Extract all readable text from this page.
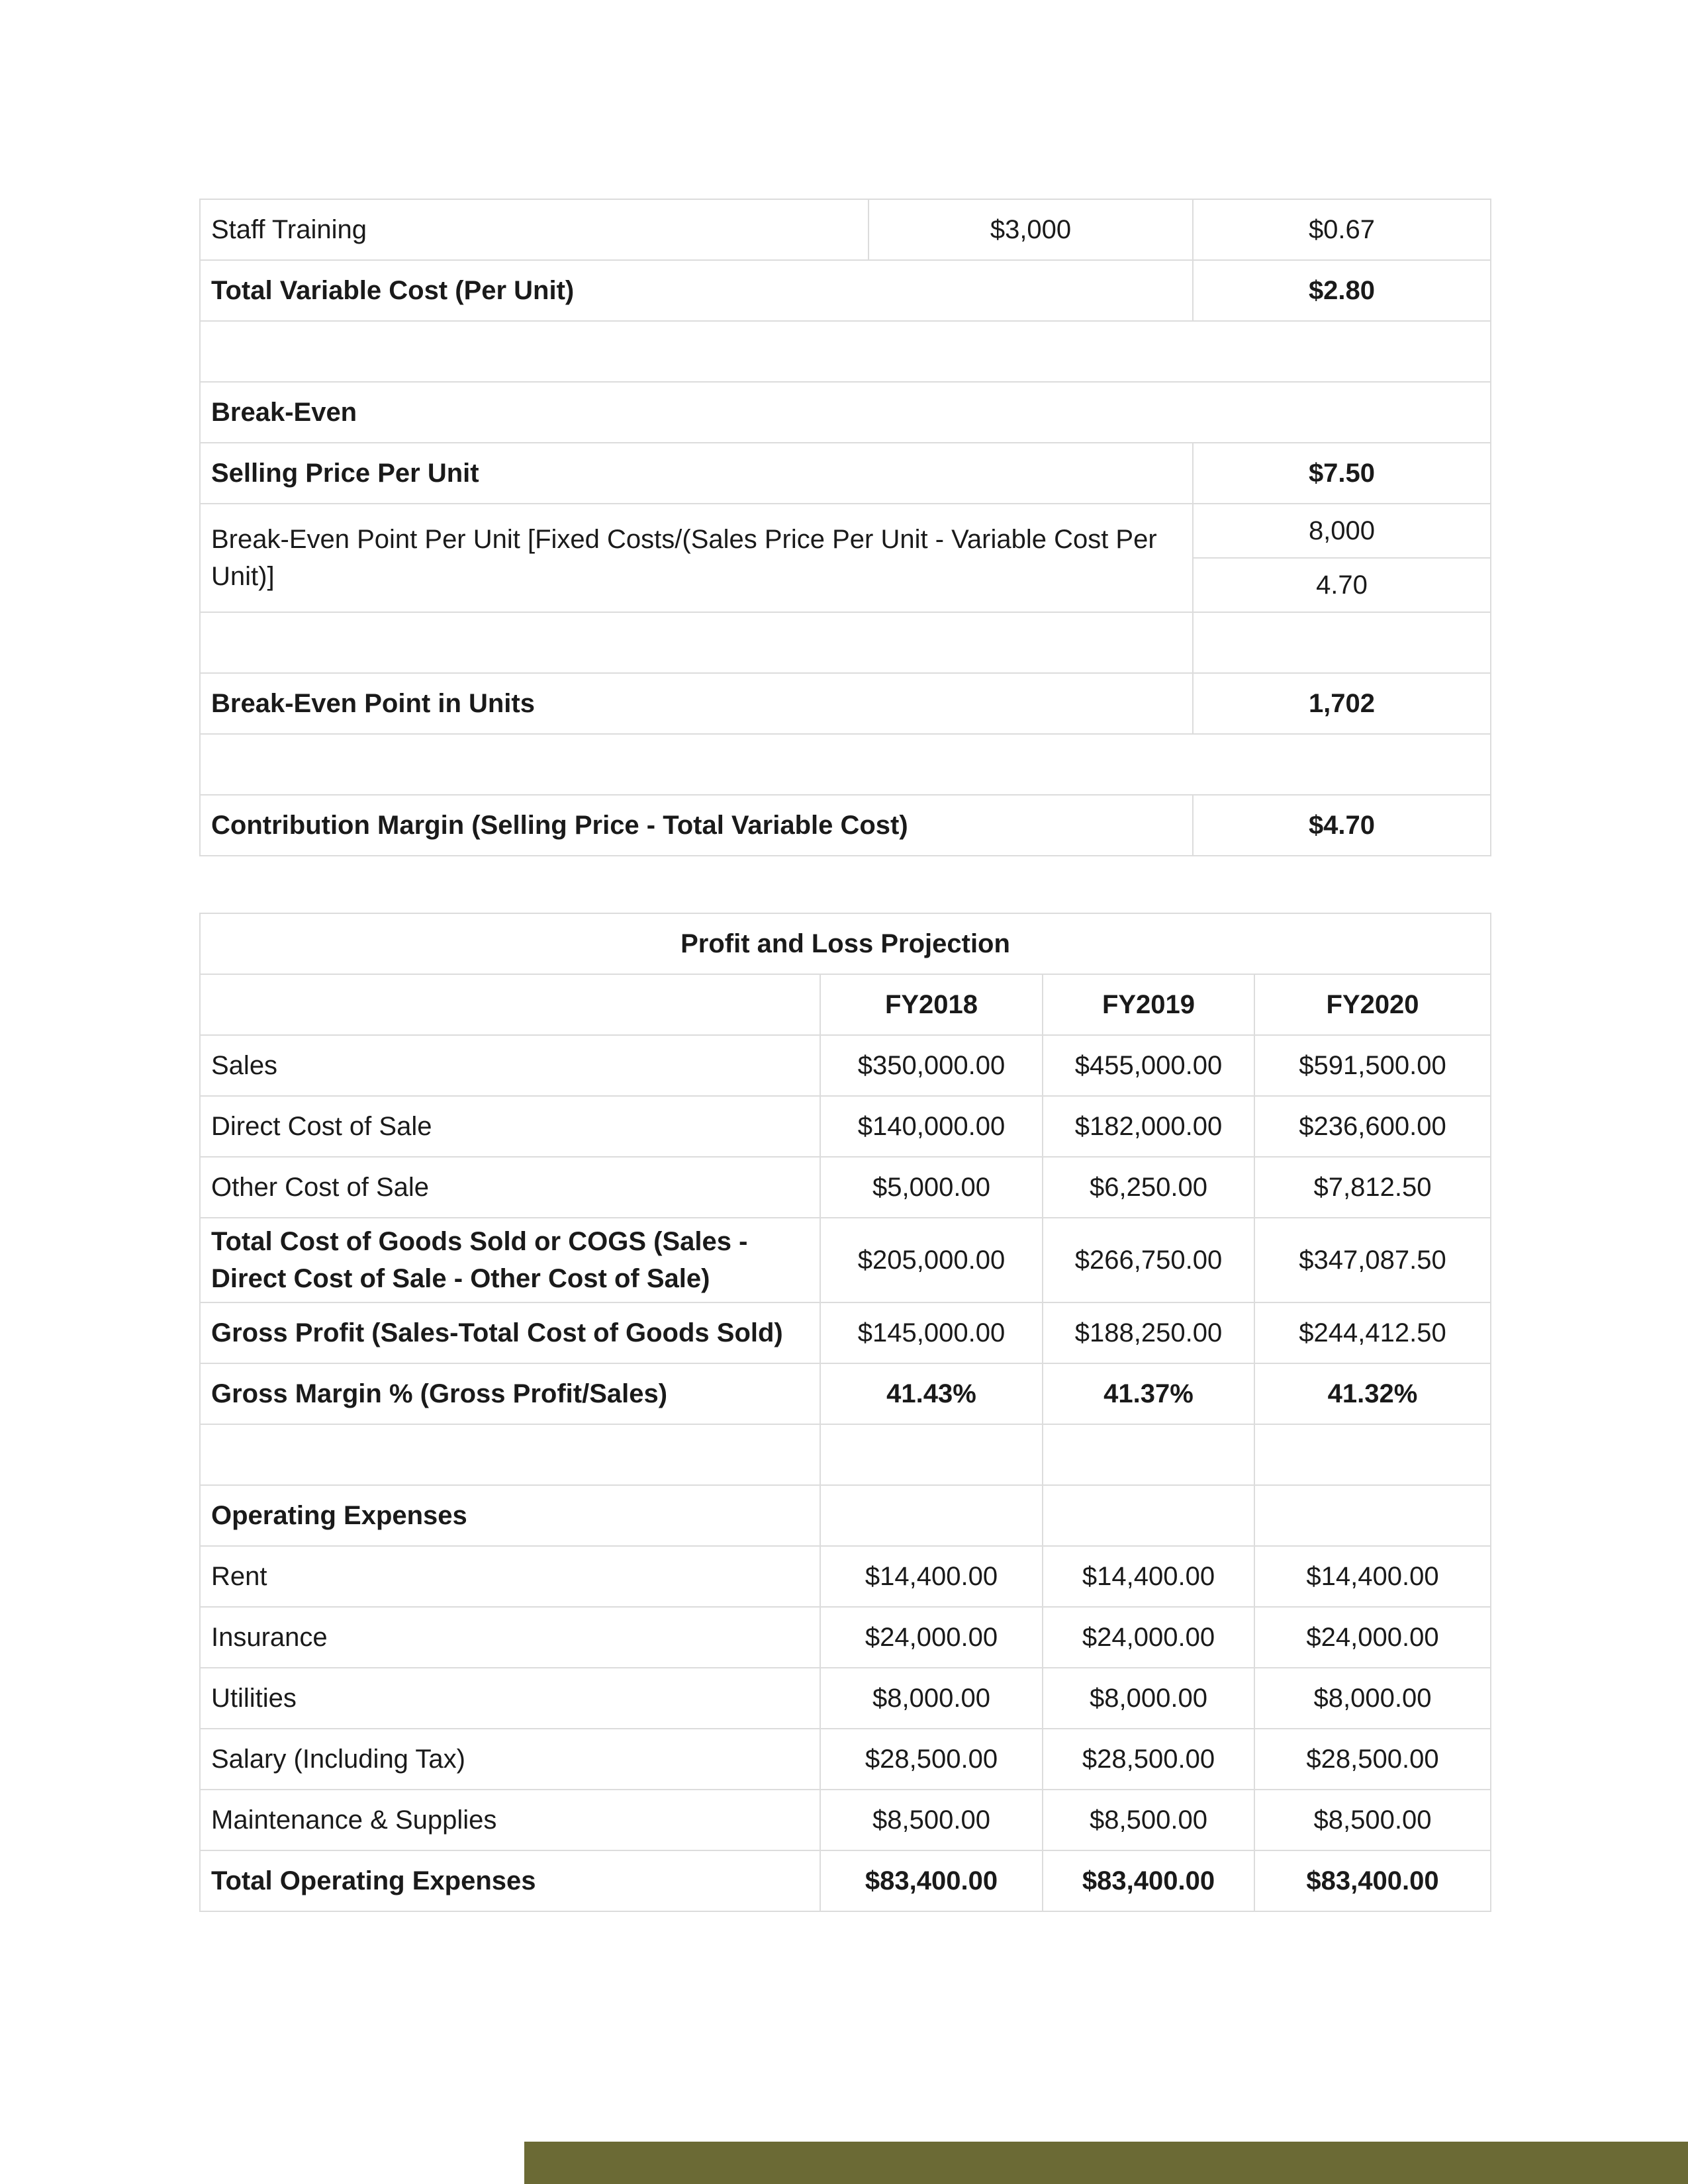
Staff Training	$3,000	$0.67
Total Variable Cost (Per Unit)		$2.80

Break-Even		
Selling Price Per Unit		$7.50
Break-Even Point Per Unit [Fixed Costs/(Sales Price Per Unit - Variable Cost Per Unit)]		8,000
		4.70

Break-Even Point in Units		1,702

Contribution Margin (Selling Price - Total Variable Cost)		$4.70
Profit and Loss Projection			
	FY2018	FY2019	FY2020
Sales	$350,000.00	$455,000.00	$591,500.00
Direct Cost of Sale	$140,000.00	$182,000.00	$236,600.00
Other Cost of Sale	$5,000.00	$6,250.00	$7,812.50
Total Cost of Goods Sold or COGS (Sales - Direct Cost of Sale - Other Cost of Sale)	$205,000.00	$266,750.00	$347,087.50
Gross Profit (Sales-Total Cost of Goods Sold)	$145,000.00	$188,250.00	$244,412.50
Gross Margin % (Gross Profit/Sales)	41.43%	41.37%	41.32%

Operating Expenses			
Rent	$14,400.00	$14,400.00	$14,400.00
Insurance	$24,000.00	$24,000.00	$24,000.00
Utilities	$8,000.00	$8,000.00	$8,000.00
Salary (Including Tax)	$28,500.00	$28,500.00	$28,500.00
Maintenance & Supplies	$8,500.00	$8,500.00	$8,500.00
Total Operating Expenses	$83,400.00	$83,400.00	$83,400.00
